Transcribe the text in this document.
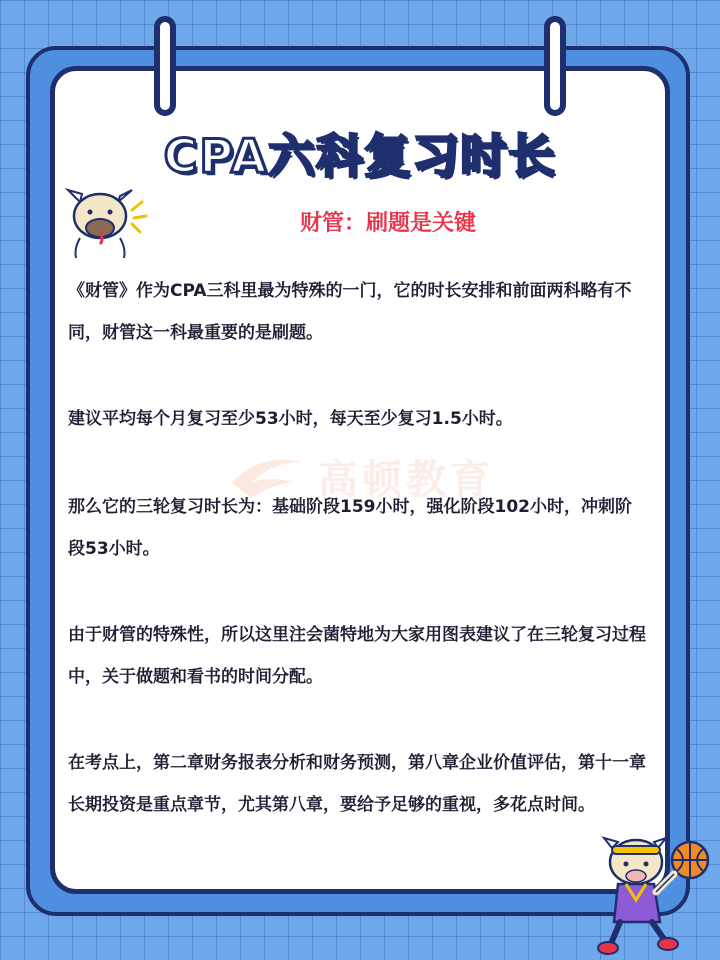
CPA六科复习时长
财管：刷题是关键
高顿教育

《财管》作为CPA三科里最为特殊的一门，它的时长安排和前面两科略有不同，财管这一科最重要的是刷题。

建议平均每个月复习至少53小时，每天至少复习1.5小时。

那么它的三轮复习时长为：基础阶段159小时，强化阶段102小时，冲刺阶段53小时。

由于财管的特殊性，所以这里注会菌特地为大家用图表建议了在三轮复习过程中，关于做题和看书的时间分配。

在考点上，第二章财务报表分析和财务预测，第八章企业价值评估，第十一章长期投资是重点章节，尤其第八章，要给予足够的重视，多花点时间。
